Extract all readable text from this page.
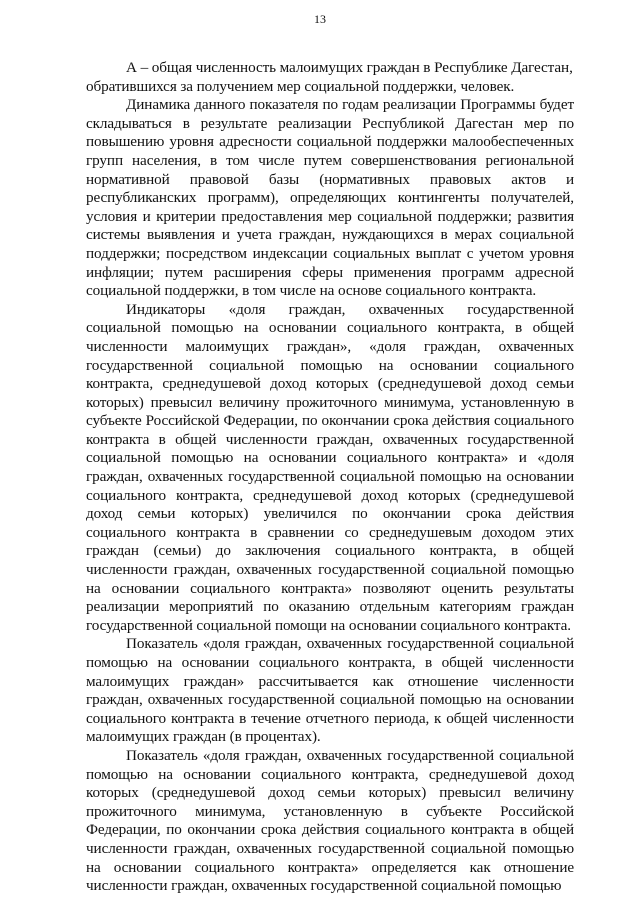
13

А – общая численность малоимущих граждан в Республике Дагестан,

обратившихся за получением мер социальной поддержки, человек.

Динамика данного показателя по годам реализации Программы будет складываться в результате реализации Республикой Дагестан мер по повышению уровня адресности социальной поддержки малообеспеченных групп населения, в том числе путем совершенствования региональной нормативной правовой базы (нормативных правовых актов и республиканских программ), определяющих контингенты получателей, условия и критерии предоставления мер социальной поддержки; развития системы выявления и учета граждан, нуждающихся в мерах социальной поддержки; посредством индексации социальных выплат с учетом уровня инфляции; путем расширения сферы применения программ адресной социальной поддержки, в том числе на основе социального контракта.

Индикаторы «доля граждан, охваченных государственной социальной помощью на основании социального контракта, в общей численности малоимущих граждан», «доля граждан, охваченных государственной социальной помощью на основании социального контракта, среднедушевой доход которых (среднедушевой доход семьи которых) превысил величину прожиточного минимума, установленную в субъекте Российской Федерации, по окончании срока действия социального контракта в общей численности граждан, охваченных государственной социальной помощью на основании социального контракта» и «доля граждан, охваченных государственной социальной помощью на основании социального контракта, среднедушевой доход которых (среднедушевой доход семьи которых) увеличился по окончании срока действия социального контракта в сравнении со среднедушевым доходом этих граждан (семьи) до заключения социального контракта, в общей численности граждан, охваченных государственной социальной помощью на основании социального контракта» позволяют оценить результаты реализации мероприятий по оказанию отдельным категориям граждан государственной социальной помощи на основании социального контракта.

Показатель «доля граждан, охваченных государственной социальной помощью на основании социального контракта, в общей численности малоимущих граждан» рассчитывается как отношение численности граждан, охваченных государственной социальной помощью на основании социального контракта в течение отчетного периода, к общей численности малоимущих граждан (в процентах).

Показатель «доля граждан, охваченных государственной социальной помощью на основании социального контракта, среднедушевой доход которых (среднедушевой доход семьи которых) превысил величину прожиточного минимума, установленную в субъекте Российской Федерации, по окончании срока действия социального контракта в общей численности граждан, охваченных государственной социальной помощью на основании социального контракта» определяется как отношение численности граждан, охваченных государственной социальной помощью
